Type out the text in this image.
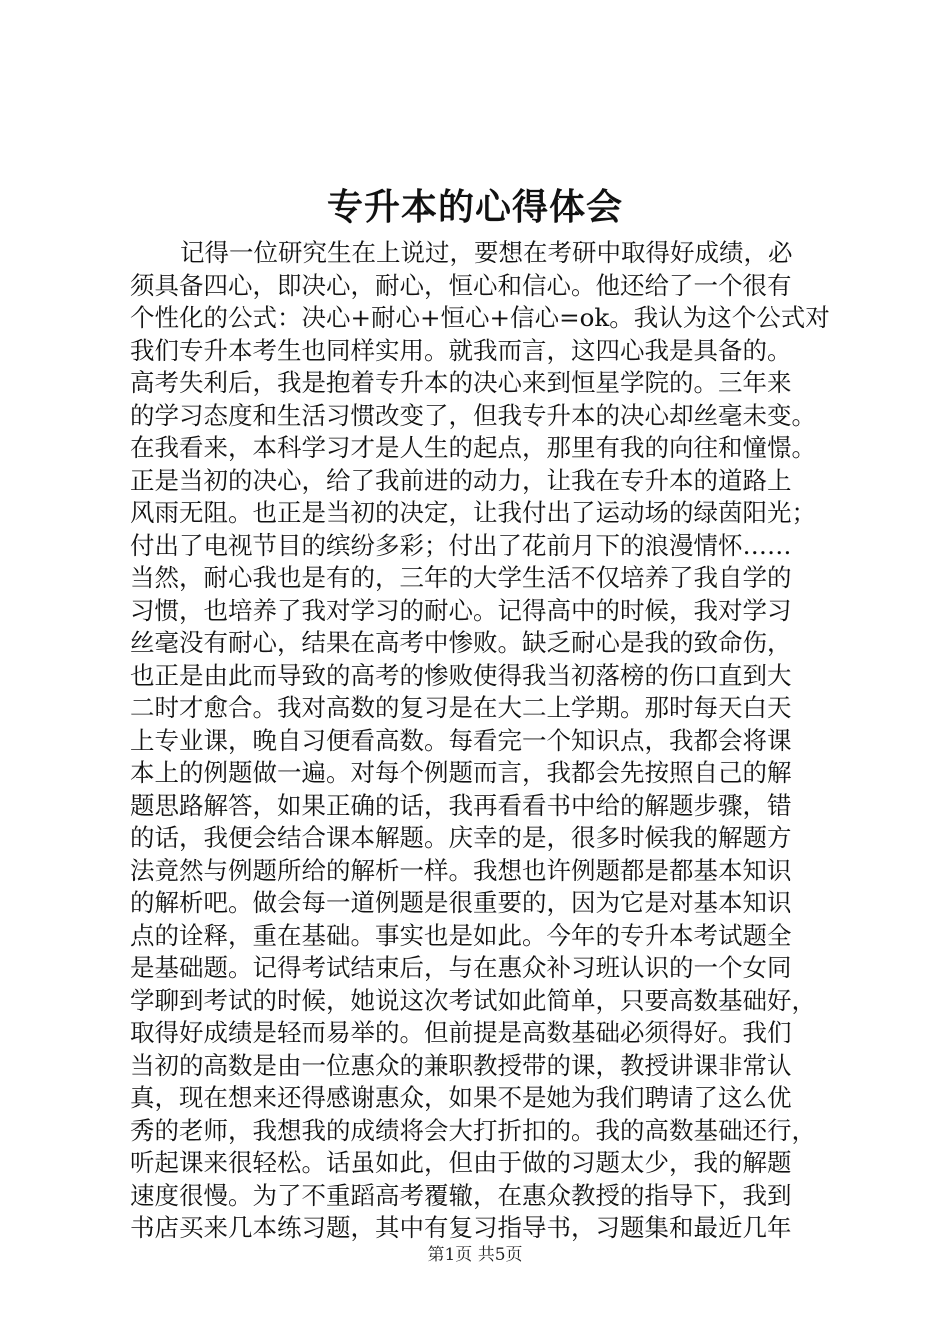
专升本的心得体会
记得一位研究生在上说过，要想在考研中取得好成绩，必
须具备四心，即决心，耐心，恒心和信心。他还给了一个很有
个性化的公式：决心+耐心+恒心+信心=ok。我认为这个公式对
我们专升本考生也同样实用。就我而言，这四心我是具备的。
高考失利后，我是抱着专升本的决心来到恒星学院的。三年来
的学习态度和生活习惯改变了，但我专升本的决心却丝毫未变。
在我看来，本科学习才是人生的起点，那里有我的向往和憧憬。
正是当初的决心，给了我前进的动力，让我在专升本的道路上
风雨无阻。也正是当初的决定，让我付出了运动场的绿茵阳光；
付出了电视节目的缤纷多彩；付出了花前月下的浪漫情怀……
当然，耐心我也是有的，三年的大学生活不仅培养了我自学的
习惯，也培养了我对学习的耐心。记得高中的时候，我对学习
丝毫没有耐心，结果在高考中惨败。缺乏耐心是我的致命伤，
也正是由此而导致的高考的惨败使得我当初落榜的伤口直到大
二时才愈合。我对高数的复习是在大二上学期。那时每天白天
上专业课，晚自习便看高数。每看完一个知识点，我都会将课
本上的例题做一遍。对每个例题而言，我都会先按照自己的解
题思路解答，如果正确的话，我再看看书中给的解题步骤，错
的话，我便会结合课本解题。庆幸的是，很多时候我的解题方
法竟然与例题所给的解析一样。我想也许例题都是都基本知识
的解析吧。做会每一道例题是很重要的，因为它是对基本知识
点的诠释，重在基础。事实也是如此。今年的专升本考试题全
是基础题。记得考试结束后，与在惠众补习班认识的一个女同
学聊到考试的时候，她说这次考试如此简单，只要高数基础好，
取得好成绩是轻而易举的。但前提是高数基础必须得好。我们
当初的高数是由一位惠众的兼职教授带的课，教授讲课非常认
真，现在想来还得感谢惠众，如果不是她为我们聘请了这么优
秀的老师，我想我的成绩将会大打折扣的。我的高数基础还行，
听起课来很轻松。话虽如此，但由于做的习题太少，我的解题
速度很慢。为了不重蹈高考覆辙，在惠众教授的指导下，我到
书店买来几本练习题，其中有复习指导书，习题集和最近几年
第1页 共5页
